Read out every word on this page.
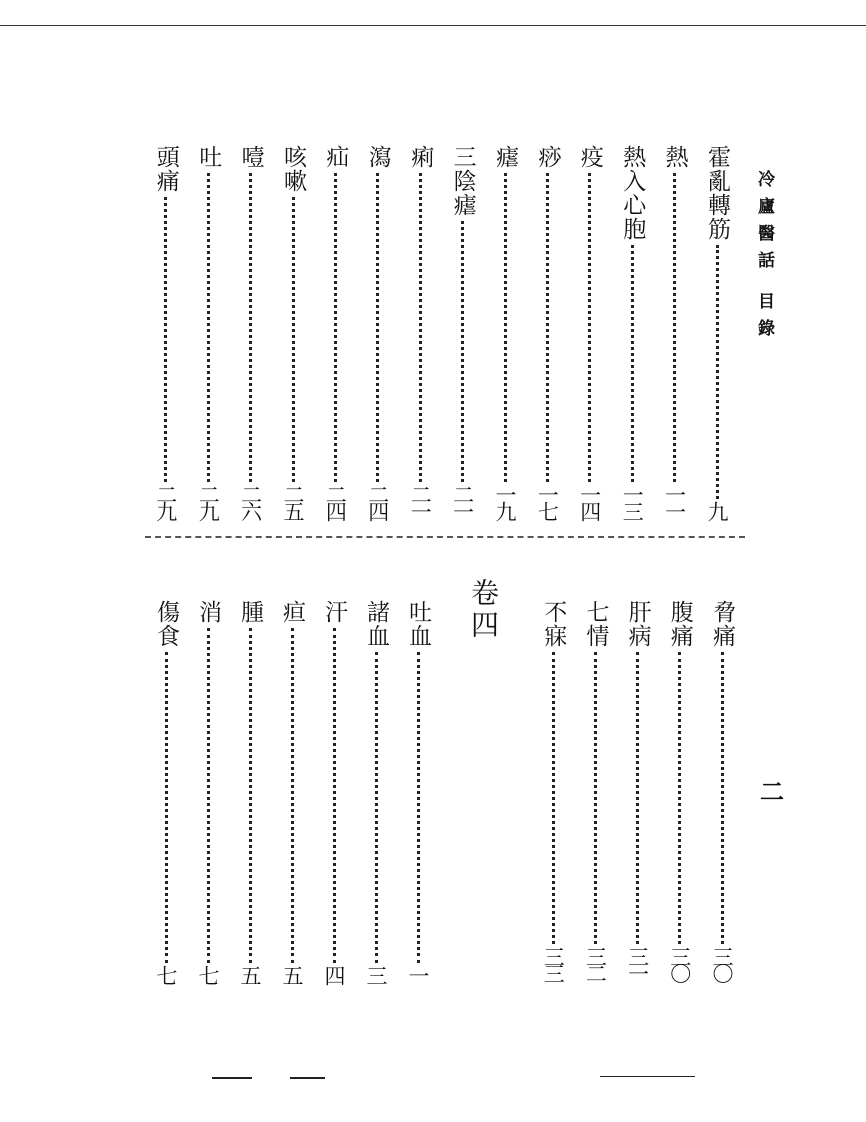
冷廬醫話目錄
二
霍亂轉筋
九
熱
一一
熱入心胞
一三
疫
一四
痧
一七
瘧
一九
三陰瘧
二一
痢
二一
瀉
二四
疝
二四
咳嗽
二五
噎
二六
吐
二九
頭痛
二九
脅痛
三〇
腹痛
三〇
肝病
三一
七情
三二
不寐
三三
吐血
一
諸血
三
汗
四
疸
五
腫
五
消
七
傷食
七
卷四
